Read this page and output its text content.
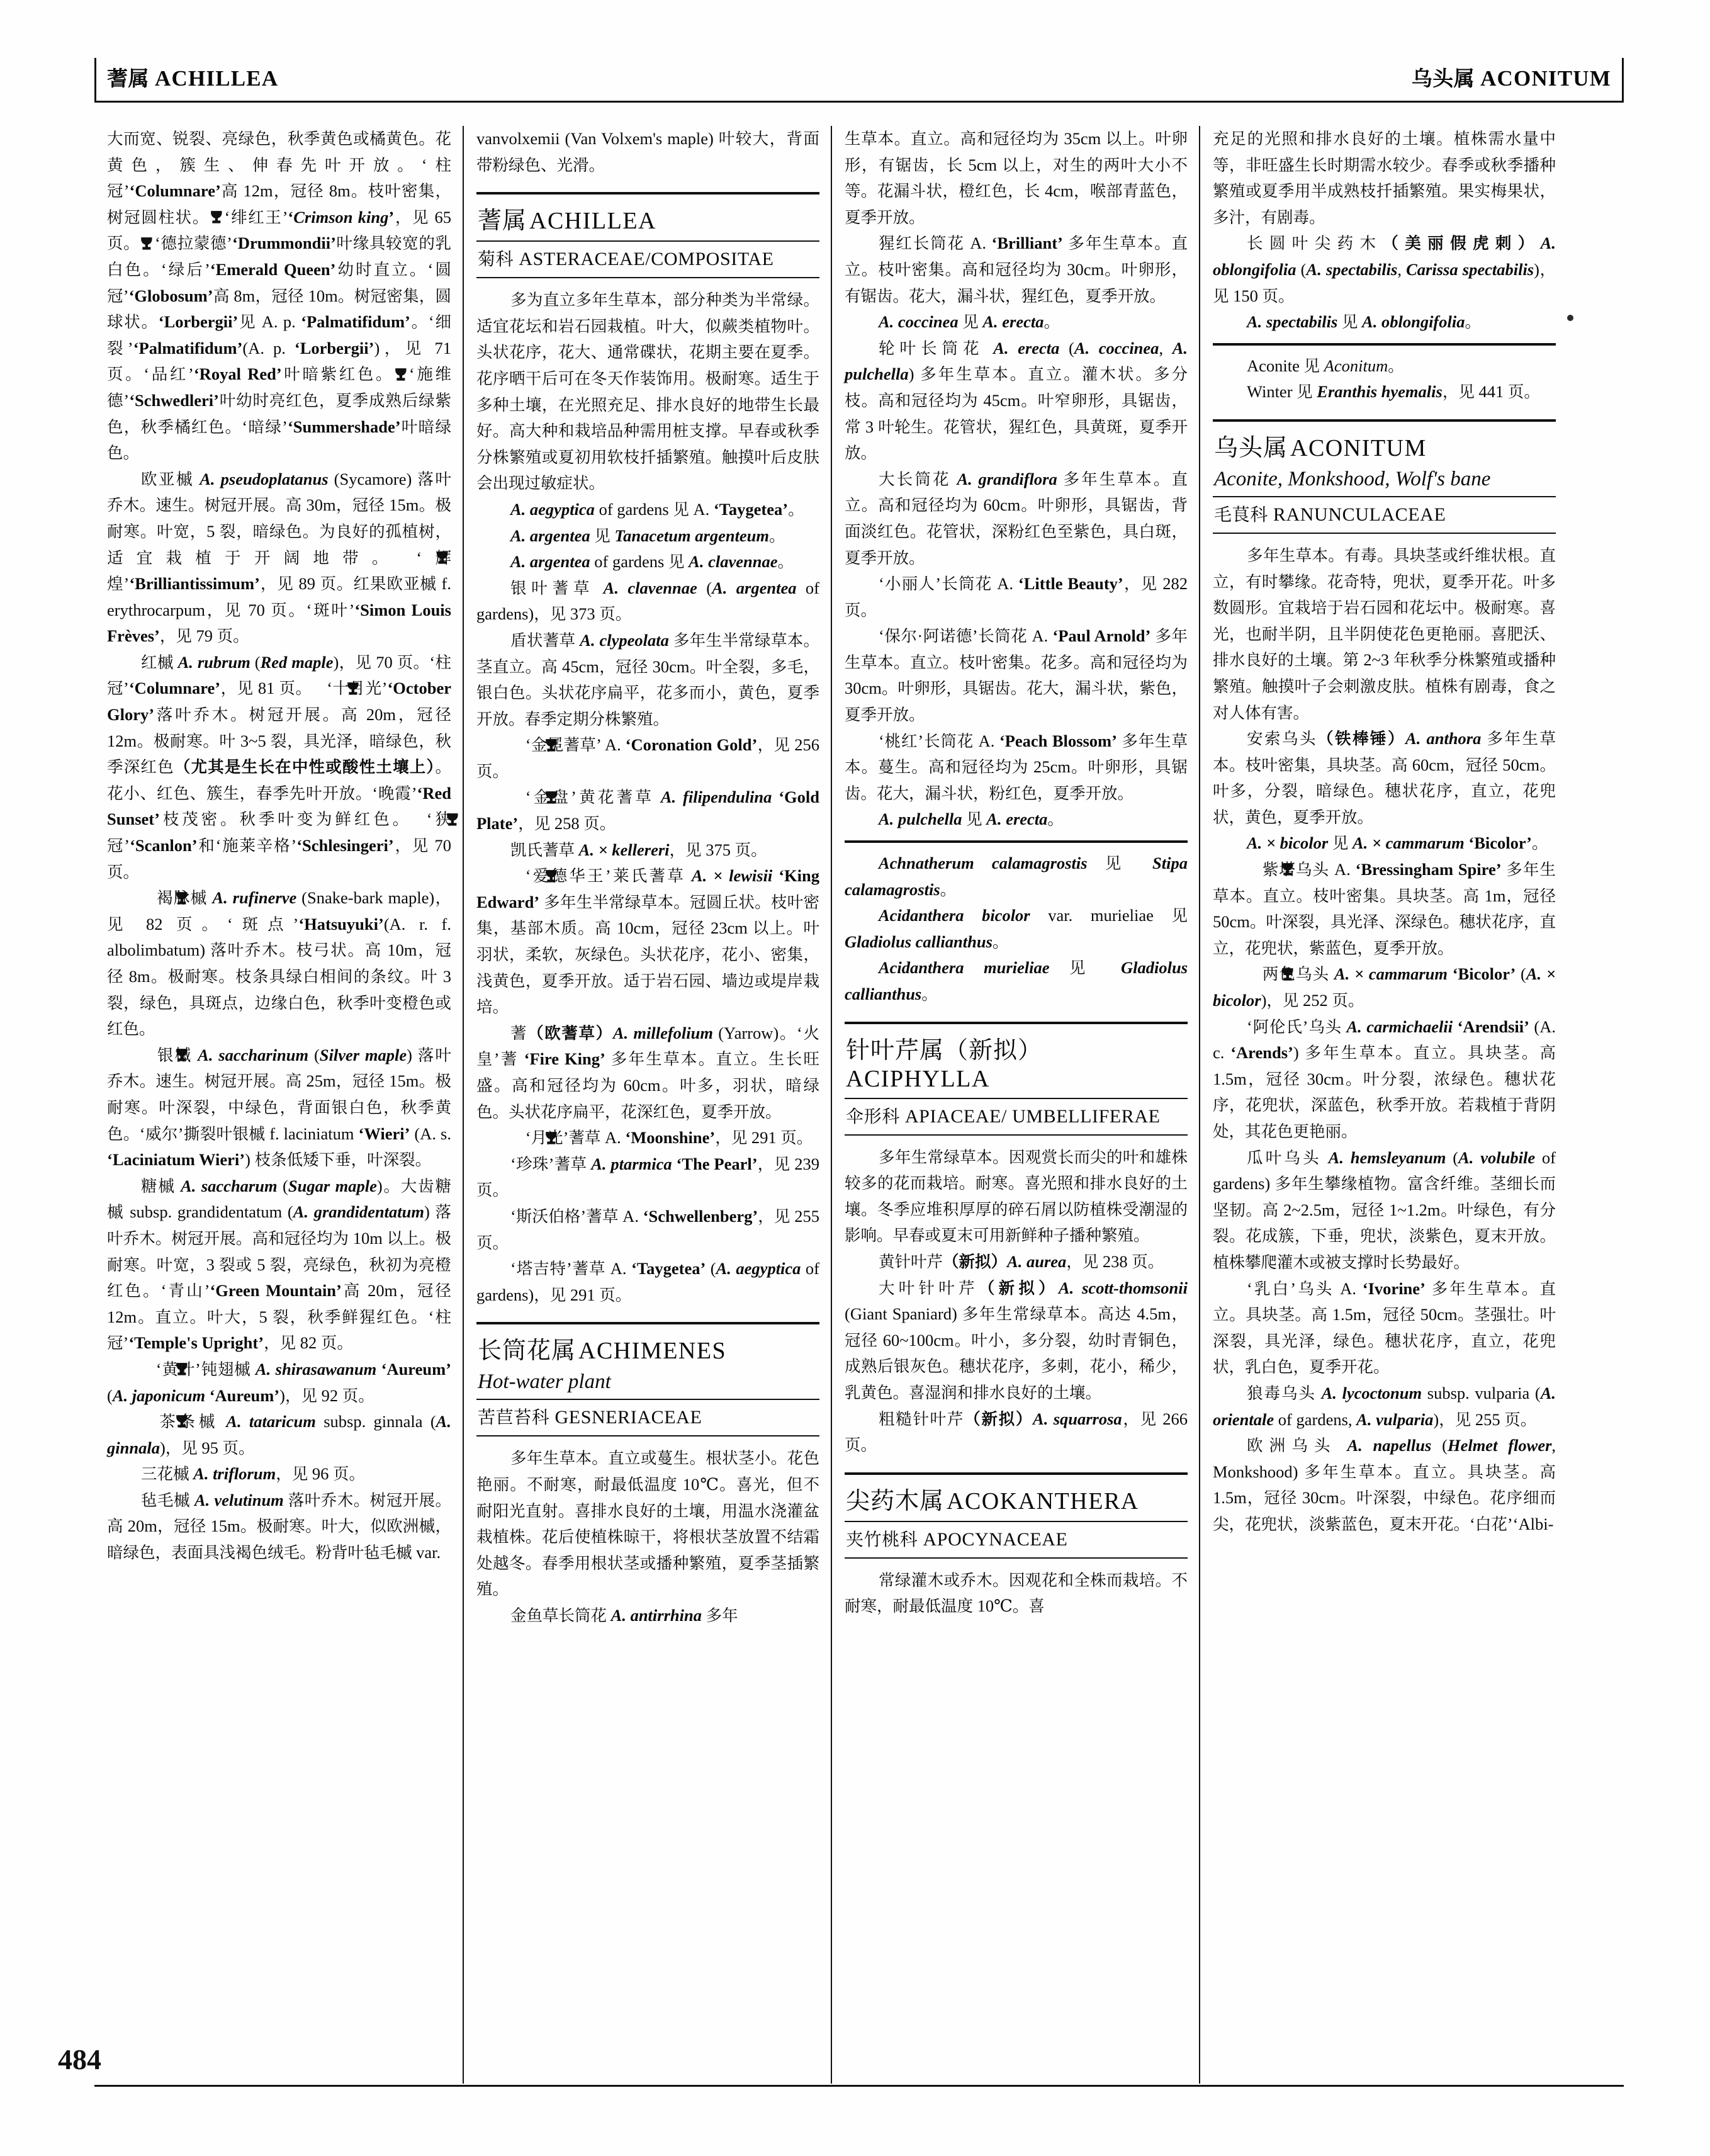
蓍属 ACHILLEA	乌头属 ACONITUM

大而宽、锐裂、亮绿色，秋季黄色或橘黄色。花黄色，簇生、伸春先叶开放。‘柱冠’‘Columnare’高 12m，冠径 8m。枝叶密集，树冠圆柱状。 ‘绯红王’‘Crimson king’，见 65 页。 ‘德拉蒙德’‘Drummondii’叶缘具较宽的乳白色。‘绿后’‘Emerald Queen’幼时直立。‘圆冠’‘Globosum’高 8m，冠径 10m。树冠密集，圆球状。‘Lorbergii’见 A. p. ‘Palmatifidum’。‘细裂’‘Palmatifidum’(A. p. ‘Lorbergii’)，见 71 页。‘品红’‘Royal Red’叶暗紫红色。 ‘施维德’‘Schwedleri’叶幼时亮红色，夏季成熟后绿紫色，秋季橘红色。‘暗绿’‘Summershade’叶暗绿色。

欧亚槭 A. pseudoplatanus (Sycamore) 落叶乔木。速生。树冠开展。高 30m，冠径 15m。极耐寒。叶宽，5 裂，暗绿色。为良好的孤植树，适宜栽植于开阔地带。 ‘辉煌’‘Brilliantissimum’，见 89 页。红果欧亚槭 f. erythrocarpum，见 70 页。‘斑叶’‘Simon Louis Frèves’，见 79 页。

红槭 A. rubrum (Red maple)，见 70 页。‘柱冠’‘Columnare’，见 81 页。 ‘十月光’‘October Glory’落叶乔木。树冠开展。高 20m，冠径 12m。极耐寒。叶 3~5 裂，具光泽，暗绿色，秋季深红色（尤其是生长在中性或酸性土壤上）。花小、红色、簇生，春季先叶开放。‘晚霞’‘Red Sunset’枝茂密。秋季叶变为鲜红色。 ‘狭冠’‘Scanlon’和‘施莱辛格’‘Schlesingeri’，见 70 页。

褐脉槭 A. rufinerve (Snake-bark maple)，见 82 页。‘斑点’‘Hatsuyuki’(A. r. f. albolimbatum) 落叶乔木。枝弓状。高 10m，冠径 8m。极耐寒。枝条具绿白相间的条纹。叶 3 裂，绿色，具斑点，边缘白色，秋季叶变橙色或红色。

银槭 A. saccharinum (Silver maple) 落叶乔木。速生。树冠开展。高 25m，冠径 15m。极耐寒。叶深裂，中绿色，背面银白色，秋季黄色。‘威尔’撕裂叶银槭 f. laciniatum ‘Wieri’ (A. s. ‘Laciniatum Wieri’) 枝条低矮下垂，叶深裂。

糖槭 A. saccharum (Sugar maple)。大齿糖槭 subsp. grandidentatum (A. grandidentatum) 落叶乔木。树冠开展。高和冠径均为 10m 以上。极耐寒。叶宽，3 裂或 5 裂，亮绿色，秋初为亮橙红色。‘青山’‘Green Mountain’高 20m，冠径 12m。直立。叶大，5 裂，秋季鲜猩红色。‘柱冠’‘Temple's Upright’，见 82 页。

‘黄叶’钝翅槭 A. shirasawanum ‘Aureum’ (A. japonicum ‘Aureum’)，见 92 页。

茶条槭 A. tataricum subsp. ginnala (A. ginnala)，见 95 页。

三花槭 A. triflorum，见 96 页。

毡毛槭 A. velutinum 落叶乔木。树冠开展。高 20m，冠径 15m。极耐寒。叶大，似欧洲槭，暗绿色，表面具浅褐色绒毛。粉背叶毡毛槭 var.

vanvolxemii (Van Volxem's maple) 叶较大，背面带粉绿色、光滑。

蓍属 ACHILLEA
菊科 ASTERACEAE/COMPOSITAE

多为直立多年生草本，部分种类为半常绿。适宜花坛和岩石园栽植。叶大，似蕨类植物叶。头状花序，花大、通常碟状，花期主要在夏季。花序晒干后可在冬天作装饰用。极耐寒。适生于多种土壤，在光照充足、排水良好的地带生长最好。高大种和栽培品种需用桩支撑。早春或秋季分株繁殖或夏初用软枝扦插繁殖。触摸叶后皮肤会出现过敏症状。

A. aegyptica of gardens 见 A. ‘Taygetea’。

A. argentea 见 Tanacetum argenteum。

A. argentea of gardens 见 A. clavennae。

银叶蓍草 A. clavennae (A. argentea of gardens)，见 373 页。

盾状蓍草 A. clypeolata 多年生半常绿草本。茎直立。高 45cm，冠径 30cm。叶全裂，多毛，银白色。头状花序扁平，花多而小，黄色，夏季开放。春季定期分株繁殖。

‘金冕蓍草’ A. ‘Coronation Gold’，见 256 页。

‘金盘’黄花蓍草 A. filipendulina ‘Gold Plate’，见 258 页。

凯氏蓍草 A. × kellereri，见 375 页。

‘爱德华王’莱氏蓍草 A. × lewisii ‘King Edward’ 多年生半常绿草本。冠圆丘状。枝叶密集，基部木质。高 10cm，冠径 23cm 以上。叶羽状，柔软，灰绿色。头状花序，花小、密集，浅黄色，夏季开放。适于岩石园、墙边或堤岸栽培。

蓍（欧蓍草）A. millefolium (Yarrow)。‘火皇’蓍 ‘Fire King’ 多年生草本。直立。生长旺盛。高和冠径均为 60cm。叶多，羽状，暗绿色。头状花序扁平，花深红色，夏季开放。

‘月光’蓍草 A. ‘Moonshine’，见 291 页。

‘珍珠’蓍草 A. ptarmica ‘The Pearl’，见 239 页。

‘斯沃伯格’蓍草 A. ‘Schwellenberg’，见 255 页。

‘塔吉特’蓍草 A. ‘Taygetea’ (A. aegyptica of gardens)，见 291 页。

长筒花属 ACHIMENES
Hot-water plant
苦苣苔科 GESNERIACEAE

多年生草本。直立或蔓生。根状茎小。花色艳丽。不耐寒，耐最低温度 10℃。喜光，但不耐阳光直射。喜排水良好的土壤，用温水浇灌盆栽植株。花后使植株晾干，将根状茎放置不结霜处越冬。春季用根状茎或播种繁殖，夏季茎插繁殖。

金鱼草长筒花 A. antirrhina 多年

生草本。直立。高和冠径均为 35cm 以上。叶卵形，有锯齿，长 5cm 以上，对生的两叶大小不等。花漏斗状，橙红色，长 4cm，喉部青蓝色，夏季开放。

猩红长筒花 A. ‘Brilliant’ 多年生草本。直立。枝叶密集。高和冠径均为 30cm。叶卵形，有锯齿。花大，漏斗状，猩红色，夏季开放。

A. coccinea 见 A. erecta。

轮叶长筒花 A. erecta (A. coccinea, A. pulchella) 多年生草本。直立。灌木状。多分枝。高和冠径均为 45cm。叶窄卵形，具锯齿，常 3 叶轮生。花管状，猩红色，具黄斑，夏季开放。

大长筒花 A. grandiflora 多年生草本。直立。高和冠径均为 60cm。叶卵形，具锯齿，背面淡红色。花管状，深粉红色至紫色，具白斑，夏季开放。

‘小丽人’长筒花 A. ‘Little Beauty’，见 282 页。

‘保尔·阿诺德’长筒花 A. ‘Paul Arnold’ 多年生草本。直立。枝叶密集。花多。高和冠径均为 30cm。叶卵形，具锯齿。花大，漏斗状，紫色，夏季开放。

‘桃红’长筒花 A. ‘Peach Blossom’ 多年生草本。蔓生。高和冠径均为 25cm。叶卵形，具锯齿。花大，漏斗状，粉红色，夏季开放。

A. pulchella 见 A. erecta。

Achnatherum calamagrostis 见 Stipa calamagrostis。

Acidanthera bicolor var. murieliae 见 Gladiolus callianthus。

Acidanthera murieliae 见 Gladiolus callianthus。

针叶芹属（新拟）
ACIPHYLLA
伞形科 APIACEAE/ UMBELLIFERAE

多年生常绿草本。因观赏长而尖的叶和雄株较多的花而栽培。耐寒。喜光照和排水良好的土壤。冬季应堆积厚厚的碎石屑以防植株受潮湿的影响。早春或夏末可用新鲜种子播种繁殖。

黄针叶芹（新拟）A. aurea，见 238 页。

大叶针叶芹（新拟）A. scott-thomsonii (Giant Spaniard) 多年生常绿草本。高达 4.5m，冠径 60~100cm。叶小，多分裂，幼时青铜色，成熟后银灰色。穗状花序，多刺，花小，稀少，乳黄色。喜湿润和排水良好的土壤。

粗糙针叶芹（新拟）A. squarrosa，见 266 页。

尖药木属 ACOKANTHERA
夹竹桃科 APOCYNACEAE

常绿灌木或乔木。因观花和全株而栽培。不耐寒，耐最低温度 10℃。喜

充足的光照和排水良好的土壤。植株需水量中等，非旺盛生长时期需水较少。春季或秋季播种繁殖或夏季用半成熟枝扦插繁殖。果实梅果状，多汁，有剧毒。

长圆叶尖药木（美丽假虎刺）A. oblongifolia (A. spectabilis, Carissa spectabilis)，见 150 页。

A. spectabilis 见 A. oblongifolia。

Aconite 见 Aconitum。

Winter 见 Eranthis hyemalis，见 441 页。

乌头属 ACONITUM
Aconite, Monkshood, Wolf's bane
毛茛科 RANUNCULACEAE

多年生草本。有毒。具块茎或纤维状根。直立，有时攀缘。花奇特，兜状，夏季开花。叶多数圆形。宜栽培于岩石园和花坛中。极耐寒。喜光，也耐半阴，且半阴使花色更艳丽。喜肥沃、排水良好的土壤。第 2~3 年秋季分株繁殖或播种繁殖。触摸叶子会刺激皮肤。植株有剧毒，食之对人体有害。

安索乌头（铁棒锤）A. anthora 多年生草本。枝叶密集，具块茎。高 60cm，冠径 50cm。叶多，分裂，暗绿色。穗状花序，直立，花兜状，黄色，夏季开放。

A. × bicolor 见 A. × cammarum ‘Bicolor’。

紫塔乌头 A. ‘Bressingham Spire’ 多年生草本。直立。枝叶密集。具块茎。高 1m，冠径 50cm。叶深裂，具光泽、深绿色。穗状花序，直立，花兜状，紫蓝色，夏季开放。

两色乌头 A. × cammarum ‘Bicolor’ (A. × bicolor)，见 252 页。

‘阿伦氏’乌头 A. carmichaelii ‘Arendsii’ (A. c. ‘Arends’) 多年生草本。直立。具块茎。高 1.5m，冠径 30cm。叶分裂，浓绿色。穗状花序，花兜状，深蓝色，秋季开放。若栽植于背阴处，其花色更艳丽。

瓜叶乌头 A. hemsleyanum (A. volubile of gardens) 多年生攀缘植物。富含纤维。茎细长而坚韧。高 2~2.5m，冠径 1~1.2m。叶绿色，有分裂。花成簇，下垂，兜状，淡紫色，夏末开放。植株攀爬灌木或被支撑时长势最好。

‘乳白’乌头 A. ‘Ivorine’ 多年生草本。直立。具块茎。高 1.5m，冠径 50cm。茎强壮。叶深裂，具光泽，绿色。穗状花序，直立，花兜状，乳白色，夏季开花。

狼毒乌头 A. lycoctonum subsp. vulparia (A. orientale of gardens, A. vulparia)，见 255 页。

欧洲乌头 A. napellus (Helmet flower, Monkshood) 多年生草本。直立。具块茎。高 1.5m，冠径 30cm。叶深裂，中绿色。花序细而尖，花兜状，淡紫蓝色，夏末开花。‘白花’‘Albi-

484
